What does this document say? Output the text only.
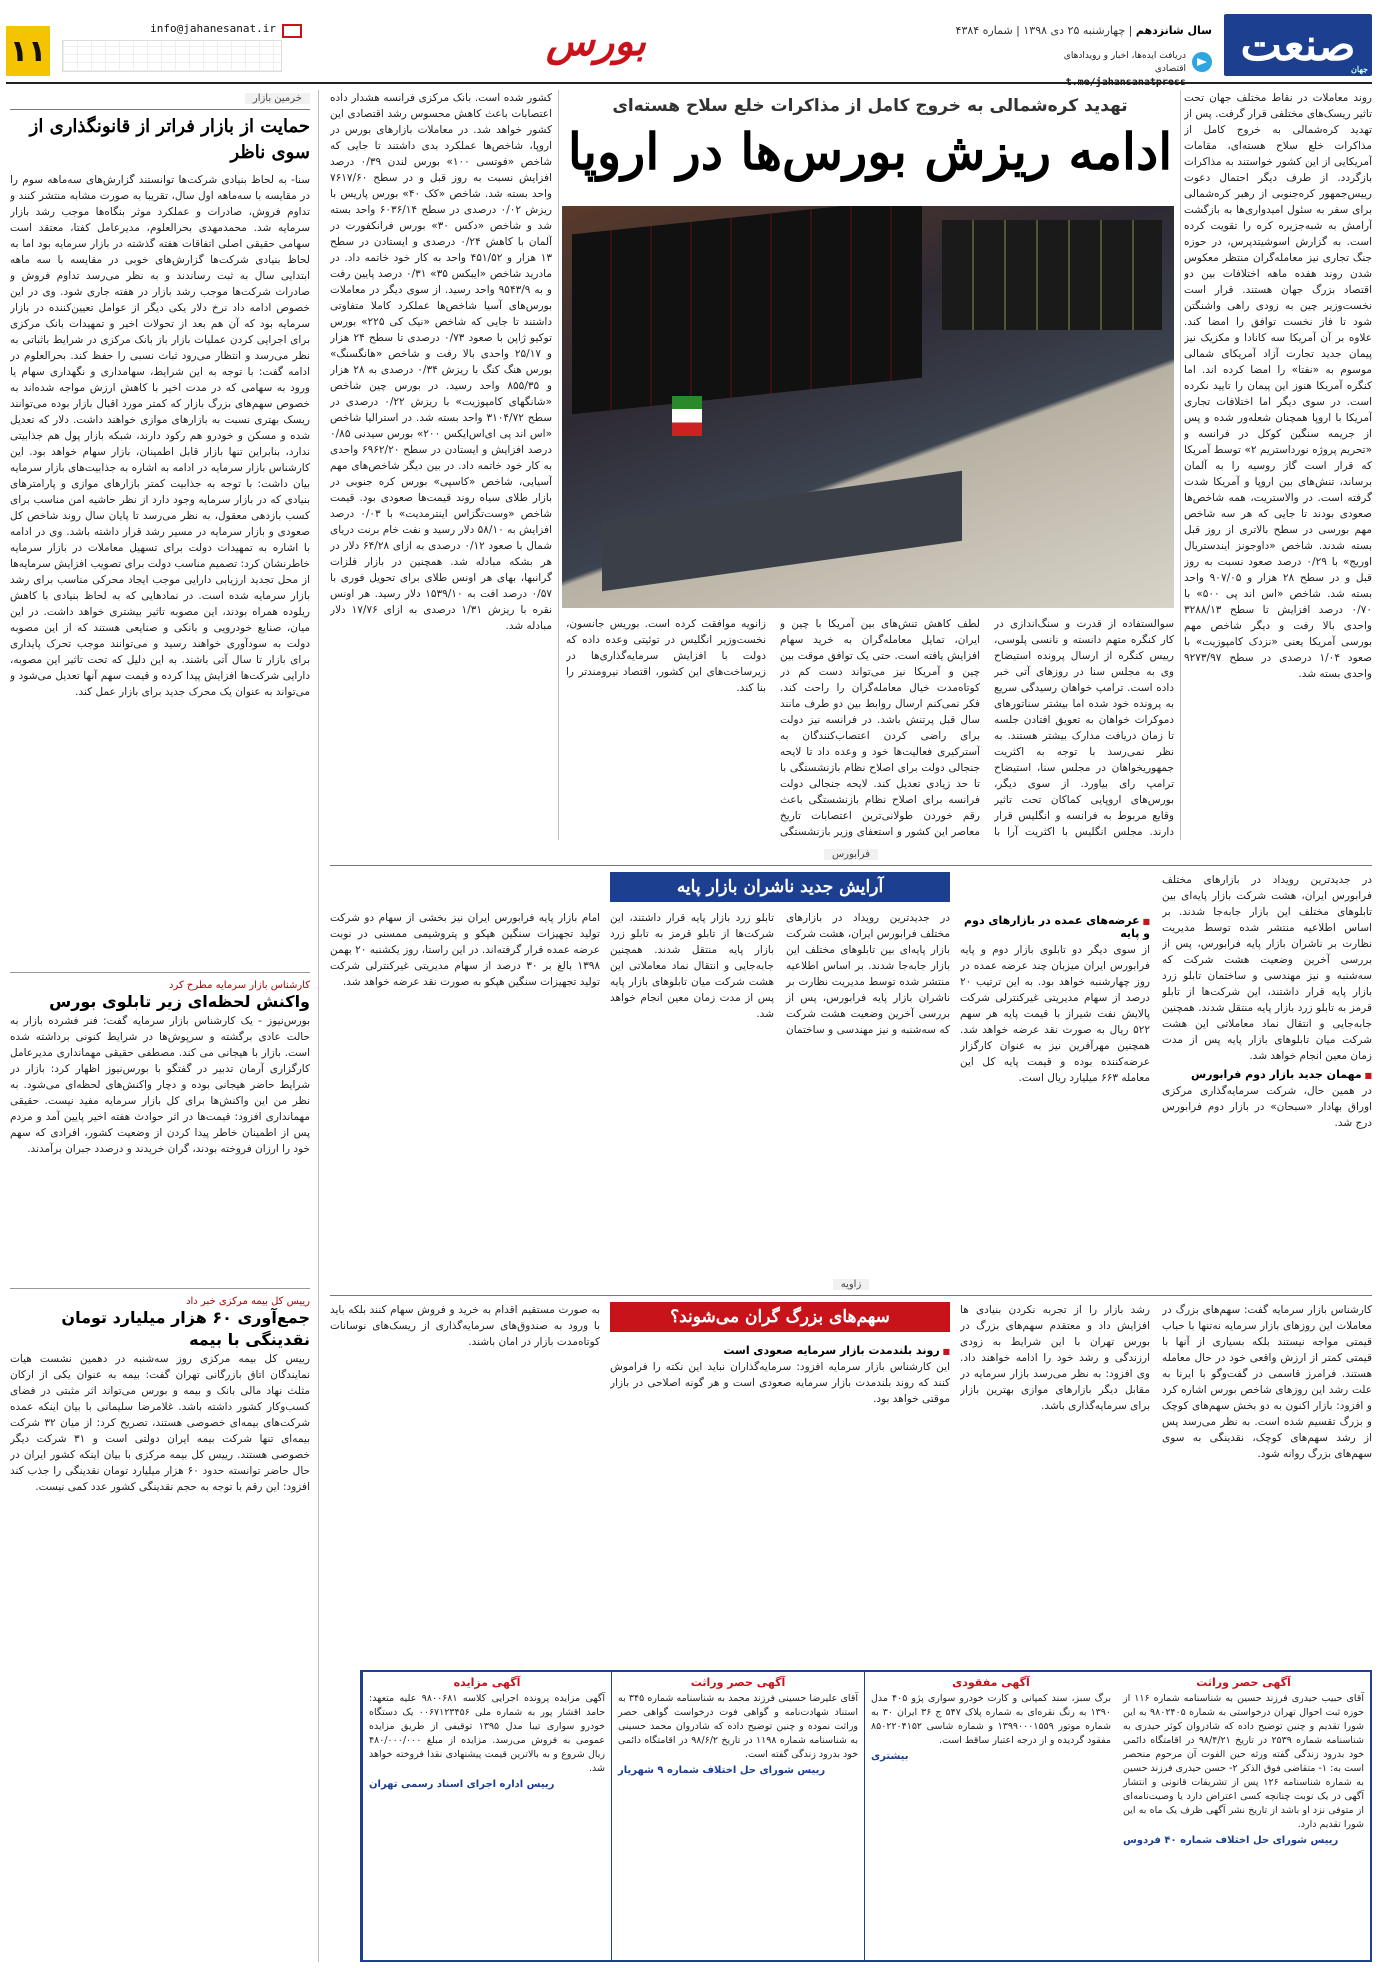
صنعت
جهان
سال شانزدهم | چهارشنبه ۲۵ دی ۱۳۹۸ | شماره ۴۳۸۴
دریافت ایده‌ها، اخبار و رویدادهای اقتصادی
t.me/jahansanatpress
بورس
info@jahanesanat.ir
۱۱
خرمین بازار
حمایت از بازار فراتر از قانونگذاری از سوی ناظر
سنا- به لحاظ بنیادی شرکت‌ها توانستند گزارش‌های سه‌ماهه سوم را در مقایسه با سه‌ماهه اول سال، تقریبا به صورت مشابه منتشر کنند و تداوم فروش، صادرات و عملکرد موثر بنگاه‌ها موجب رشد بازار سرمایه شد. محمدمهدی بحرالعلوم، مدیرعامل کفتا، معتقد است سهامی حقیقی اصلی اتفاقات هفته گذشته در بازار سرمایه بود اما به لحاظ بنیادی شرکت‌ها گزارش‌های خوبی در مقایسه با سه ماهه ابتدایی سال به ثبت رساندند و به نظر می‌رسد تداوم فروش و صادرات شرکت‌ها موجب رشد بازار در هفته جاری شود. وی در این خصوص ادامه داد نرخ دلار یکی دیگر از عوامل تعیین‌کننده در بازار سرمایه بود که آن هم بعد از تحولات اخیر و تمهیدات بانک مرکزی برای اجرایی کردن عملیات بازار باز بانک مرکزی در شرایط باثباتی به نظر می‌رسد و انتظار می‌رود ثبات نسبی را حفظ کند. بحرالعلوم در ادامه گفت: با توجه به این شرایط، سهامداری و نگهداری سهام یا ورود به سهامی که در مدت اخیر با کاهش ارزش مواجه شده‌اند به خصوص سهم‌های بزرگ بازار که کمتر مورد اقبال بازار بوده می‌توانند ریسک بهتری نسبت به بازارهای موازی خواهند داشت. دلار که تعدیل شده و مسکن و خودرو هم رکود دارند، شبکه بازار پول هم جذابیتی ندارد، بنابراین تنها بازار قابل اطمینان، بازار سهام خواهد بود. این کارشناس بازار سرمایه در ادامه به اشاره به جذابیت‌های بازار سرمایه بیان داشت: با توجه به جذابیت کمتر بازارهای موازی و پارامترهای بنیادی که در بازار سرمایه وجود دارد از نظر حاشیه امن مناسب برای کسب بازدهی معقول، به نظر می‌رسد تا پایان سال روند شاخص کل صعودی و بازار سرمایه در مسیر رشد قرار داشته باشد. وی در ادامه با اشاره به تمهیدات دولت برای تسهیل معاملات در بازار سرمایه خاطرنشان کرد: تصمیم مناسب دولت برای تصویب افزایش سرمایه‌ها از محل تجدید ارزیابی دارایی موجب ایجاد محرکی مناسب برای رشد بازار سرمایه شده است. در نمادهایی که به لحاظ بنیادی با کاهش ریلوده همراه بودند، این مصوبه تاثیر بیشتری خواهد داشت. در این میان، صنایع خودرویی و بانکی و صنایعی هستند که از این مصوبه دولت به سودآوری خواهند رسید و می‌توانند موجب تحرک پایداری برای بازار تا سال آتی باشند. به این دلیل که تحت تاثیر این مصوبه، دارایی شرکت‌ها افزایش پیدا کرده و قیمت سهم آنها تعدیل می‌شود و می‌تواند به عنوان یک محرک جدید برای بازار عمل کند.
کارشناس بازار سرمایه مطرح کرد
واکنش لحظه‌ای زیر تابلوی بورس
بورس‌نیوز - یک کارشناس بازار سرمایه گفت: فنر فشرده بازار به حالت عادی برگشته و سرپوش‌ها در شرایط کنونی برداشته شده است. بازار با هیجانی می کند. مصطفی حقیقی مهمانداری مدیرعامل کارگزاری آرمان تدبیر در گفتگو با بورس‌نیوز اظهار کرد: بازار در شرایط حاضر هیجانی بوده و دچار واکنش‌های لحظه‌ای می‌شود. به نظر من این واکنش‌ها برای کل بازار سرمایه مفید نیست. حقیقی مهمانداری افزود: قیمت‌ها در اثر حوادث هفته اخیر پایین آمد و مردم پس از اطمینان خاطر پیدا کردن از وضعیت کشور، افرادی که سهم خود را ارزان فروخته بودند، گران خریدند و درصدد جبران برآمدند.
رییس کل بیمه مرکزی خبر داد
جمع‌آوری ۶۰ هزار میلیارد تومان نقدینگی با بیمه
رییس کل بیمه مرکزی روز سه‌شنبه در دهمین نشست هیات نمایندگان اتاق بازرگانی تهران گفت: بیمه به عنوان یکی از ارکان مثلث نهاد مالی بانک و بیمه و بورس می‌تواند اثر مثبتی در فضای کسب‌وکار کشور داشته باشد. غلامرضا سلیمانی با بیان اینکه عمده شرکت‌های بیمه‌ای خصوصی هستند، تصریح کرد: از میان ۳۲ شرکت بیمه‌ای تنها شرکت بیمه ایران دولتی است و ۳۱ شرکت دیگر خصوصی هستند. رییس کل بیمه مرکزی با بیان اینکه کشور ایران در حال حاضر توانسته حدود ۶۰ هزار میلیارد تومان نقدینگی را جذب کند افزود: این رقم با توجه به حجم نقدینگی کشور عدد کمی نیست.
تهدید کره‌شمالی به خروج کامل از مذاکرات خلع سلاح هسته‌ای
ادامه ریزش بورس‌ها در اروپا
روند معاملات در نقاط مختلف جهان تحت تاثیر ریسک‌های مختلفی قرار گرفت. پس از تهدید کره‌شمالی به خروج کامل از مذاکرات خلع سلاح هسته‌ای، مقامات آمریکایی از این کشور خواستند به مذاکرات بازگردد. از طرف دیگر احتمال دعوت رییس‌جمهور کره‌جنوبی از رهبر کره‌شمالی برای سفر به سئول امیدواری‌ها به بازگشت آرامش به شبه‌جزیره کره را تقویت کرده است. به گزارش اسوشیتدپرس، در حوزه جنگ تجاری نیز معامله‌گران منتظر معکوس شدن روند هفده ماهه اختلافات بین دو اقتصاد بزرگ جهان هستند. قرار است نخست‌وزیر چین به زودی راهی واشنگتن شود تا فاز نخست توافق را امضا کند. علاوه بر آن آمریکا سه کانادا و مکزیک نیز پیمان جدید تجارت آزاد آمریکای شمالی موسوم به «نفتا» را امضا کرده اند. اما کنگره آمریکا هنوز این پیمان را تایید نکرده است. در سوی دیگر اما اختلافات تجاری آمریکا با اروپا همچنان شعله‌ور شده و پس از جریمه سنگین کوکل در فرانسه و «تحریم پروژه نورداستریم ۲» توسط آمریکا که قرار است گاز روسیه را به آلمان برساند، تنش‌های بین اروپا و آمریکا شدت گرفته است. در والاستریت، همه شاخص‌ها صعودی بودند تا جایی که هر سه شاخص مهم بورسی در سطح بالاتری از روز قبل بسته شدند. شاخص «داوجونز ایندستریال اوریج» با ۰/۲۹ درصد صعود نسبت به روز قبل و در سطح ۲۸ هزار و ۹۰۷/۰۵ واحد بسته شد. شاخص «اس اند پی ۵۰۰» با ۰/۷۰ درصد افزایش تا سطح ۳۲۸۸/۱۳ واحدی بالا رفت و دیگر شاخص مهم بورسی آمریکا یعنی «نزدک کامپوزیت» با صعود ۱/۰۴ درصدی در سطح ۹۲۷۳/۹۷ واحدی بسته شد.
کشور شده است. بانک مرکزی فرانسه هشدار داده اعتصابات باعث کاهش محسوس رشد اقتصادی این کشور خواهد شد. در معاملات بازارهای بورس در اروپا، شاخص‌ها عملکرد بدی داشتند تا جایی که شاخص «فوتسی ۱۰۰» بورس لندن ۰/۳۹ درصد افزایش نسبت به روز قبل و در سطح ۷۶۱۷/۶۰ واحد بسته شد. شاخص «کک ۴۰» بورس پاریس با ریزش ۰/۰۲ درصدی در سطح ۶۰۳۶/۱۴ واحد بسته شد و شاخص «دکس ۳۰» بورس فرانکفورت در آلمان با کاهش ۰/۲۴ درصدی و ایستادن در سطح ۱۳ هزار و ۴۵۱/۵۲ واحد به کار خود خاتمه داد. در مادرید شاخص «ایبکس ۳۵» ۰/۳۱ درصد پایین رفت و به ۹۵۴۳/۹ واحد رسید. از سوی دیگر در معاملات بورس‌های آسیا شاخص‌ها عملکرد کاملا متفاوتی داشتند تا جایی که شاخص «نیک کی ۲۲۵» بورس توکیو ژاپن با صعود ۰/۷۳ درصدی تا سطح ۲۴ هزار و ۲۵/۱۷ واحدی بالا رفت و شاخص «هانگسنگ» بورس هنگ کنگ با ریزش ۰/۳۴ درصدی به ۲۸ هزار و ۸۵۵/۳۵ واحد رسید. در بورس چین شاخص «شانگهای کامپوزیت» با ریزش ۰/۲۲ درصدی در سطح ۳۱۰۴/۷۲ واحد بسته شد. در استرالیا شاخص «اس اند پی ای‌اس‌ایکس ۲۰۰» بورس سیدنی ۰/۸۵ درصد افزایش و ایستادن در سطح ۶۹۶۲/۲۰ واحدی به کار خود خاتمه داد. در بین دیگر شاخص‌های مهم آسیایی، شاخص «کاسپی» بورس کره جنوبی در بازار طلای سیاه روند قیمت‌ها صعودی بود. قیمت شاخص «وست‌تگزاس اینترمدیت» با ۰/۰۳ درصد افزایش به ۵۸/۱۰ دلار رسید و نفت خام برنت دریای شمال با صعود ۰/۱۲ درصدی به ازای ۶۴/۲۸ دلار در هر بشکه مبادله شد. همچنین در بازار فلزات گرانبها، بهای هر اونس طلای برای تحویل فوری با ۰/۵۷ درصد افت به ۱۵۳۹/۱۰ دلار رسید. هر اونس نقره با ریزش ۱/۳۱ درصدی به ازای ۱۷/۷۶ دلار مبادله شد.	سوالستفاده از قدرت و سنگ‌اندازی در کار کنگره متهم دانسته و نانسی پلوسی، رییس کنگره از ارسال پرونده استیضاح وی به مجلس سنا در روزهای آتی خبر داده است. ترامپ خواهان رسیدگی سریع به پرونده خود شده اما بیشتر سناتورهای دموکرات خواهان به تعویق افتادن جلسه تا زمان دریافت مدارک بیشتر هستند. به نظر نمی‌رسد با توجه به اکثریت جمهوریخواهان در مجلس سنا، استیضاح ترامپ رای بیاورد. از سوی دیگر، بورس‌های اروپایی کماکان تحت تاثیر وقایع مربوط به فرانسه و انگلیس قرار دارند. مجلس انگلیس با اکثریت آرا با
لطف کاهش تنش‌های بین آمریکا با چین و ایران، تمایل معامله‌گران به خرید سهام افزایش یافته است. حتی یک توافق موقت بین چین و آمریکا نیز می‌تواند دست کم در کوتاه‌مدت خیال معامله‌گران را راحت کند. فکر نمی‌کنم ارسال روابط بین دو طرف مانند سال قبل پرتنش باشد. در فرانسه نیز دولت برای راضی کردن اعتصاب‌کنندگان به آسترکیری فعالیت‌ها خود و وعده داد تا لایحه جنجالی دولت برای اصلاح نظام بازنشستگی با تا حد زیادی تعدیل کند. لایحه جنجالی دولت فرانسه برای اصلاح نظام بازنشستگی باعث رقم خوردن طولانی‌ترین اعتصابات تاریخ معاصر این کشور و استعفای وزیر بازنشستگی
زانویه موافقت کرده است. بوریس جانسون، نخست‌وزیر انگلیس در توئیتی وعده داده که دولت با افزایش سرمایه‌گذاری‌ها در زیرساخت‌های این کشور، اقتصاد نیرومندتر را بنا کند.
فرابورس
آرایش جدید ناشران بازار پایه	در جدیدترین رویداد در بازارهای مختلف فرابورس ایران، هشت شرکت بازار پایه‌ای بین تابلوهای مختلف این بازار جابه‌جا شدند. بر اساس اطلاعیه منتشر شده توسط مدیریت نظارت بر ناشران بازار پایه فرابورس، پس از بررسی آخرین وضعیت هشت شرکت که سه‌شنبه و نیز مهندسی و ساختمان تابلو زرد بازار پایه قرار داشتند، این شرکت‌ها از تابلو قرمز به تابلو زرد بازار پایه منتقل شدند. همچنین جابه‌جایی و انتقال نماد معاملاتی این هشت شرکت میان تابلوهای بازار پایه پس از مدت زمان معین انجام خواهد شد.
■ مهمان جدید بازار دوم فرابورس
در همین حال، شرکت سرمایه‌گذاری مرکزی اوراق بهادار «سبحان» در بازار دوم فرابورس درج شد.
■ عرضه‌های عمده در بازارهای دوم و پایه
از سوی دیگر دو تابلوی بازار دوم و پایه فرابورس ایران میزبان چند عرضه عمده در روز چهارشنبه خواهد بود. به این ترتیب ۲۰ درصد از سهام مدیریتی غیرکنترلی شرکت پالایش نفت شیراز با قیمت پایه هر سهم ۵۲۲ ریال به صورت نقد عرضه خواهد شد. همچنین مهرآفرین نیز به عنوان کارگزار عرضه‌کننده بوده و قیمت پایه کل این معامله ۶۶۳ میلیارد ریال است.
امام بازار پایه فرابورس ایران نیز بخشی از سهام دو شرکت تولید تجهیزات سنگین هپکو و پتروشیمی ممسنی در نوبت عرضه عمده قرار گرفته‌اند. در این راستا، روز یکشنبه ۲۰ بهمن ۱۳۹۸ بالغ بر ۳۰ درصد از سهام مدیریتی غیرکنترلی شرکت تولید تجهیزات سنگین هپکو به صورت نقد عرضه خواهد شد.
در جدیدترین رویداد در بازارهای مختلف فرابورس ایران، هشت شرکت بازار پایه‌ای بین تابلوهای مختلف این بازار جابه‌جا شدند. بر اساس اطلاعیه منتشر شده توسط مدیریت نظارت بر ناشران بازار پایه فرابورس، پس از بررسی آخرین وضعیت هشت شرکت که سه‌شنبه و نیز مهندسی و ساختمان تابلو زرد بازار پایه قرار داشتند، این شرکت‌ها از تابلو قرمز به تابلو زرد بازار پایه منتقل شدند. همچنین جابه‌جایی و انتقال نماد معاملاتی این هشت شرکت میان تابلوهای بازار پایه پس از مدت زمان معین انجام خواهد شد.
زاویه
سهم‌های بزرگ گران می‌شوند؟	کارشناس بازار سرمایه گفت: سهم‌های بزرگ در معاملات این روزهای بازار سرمایه نه‌تنها با حباب قیمتی مواجه نیستند بلکه بسیاری از آنها با قیمتی کمتر از ارزش واقعی خود در حال معامله هستند. فرامرز قاسمی در گفت‌وگو با ایرنا به علت رشد این روزهای شاخص بورس اشاره کرد و افزود: بازار اکنون به دو بخش سهم‌های کوچک و بزرگ تقسیم شده است. به نظر می‌رسد پس از رشد سهم‌های کوچک، نقدینگی به سوی سهم‌های بزرگ روانه شود.
رشد بازار را از تجربه نکردن بنیادی ها افزایش داد و معتقدم سهم‌های بزرگ در بورس تهران با این شرایط به زودی ارزندگی و رشد خود را ادامه خواهند داد. وی افزود: به نظر می‌رسد بازار سرمایه در مقابل دیگر بازارهای موازی بهترین بازار برای سرمایه‌گذاری باشد.
■ روند بلندمدت بازار سرمایه صعودی است
این کارشناس بازار سرمایه افزود: سرمایه‌گذاران نباید این نکته را فراموش کنند که روند بلندمدت بازار سرمایه صعودی است و هر گونه اصلاحی در بازار موقتی خواهد بود.
به صورت مستقیم اقدام به خرید و فروش سهام کنند بلکه باید با ورود به صندوق‌های سرمایه‌گذاری از ریسک‌های نوسانات کوتاه‌مدت بازار در امان باشند.
آگهی حصر وراثت
آقای حبیب حیدری فرزند حسین به شناسنامه شماره ۱۱۶ از حوزه ثبت احوال تهران درخواستی به شماره ۹۸۰۲۴۰۵ به این شورا تقدیم و چنین توضیح داده که شادروان کوثر حیدری به شناسنامه شماره ۲۵۳۹ در تاریخ ۹۸/۴/۲۱ در اقامتگاه دائمی خود بدرود زندگی گفته ورثه حین الفوت آن مرحوم منحصر است به: ۱- متقاضی فوق الذکر ۲- حسن حیدری فرزند حسین به شماره شناسنامه ۱۲۶ پس از تشریفات قانونی و انتشار آگهی در یک نوبت چنانچه کسی اعتراض دارد یا وصیت‌نامه‌ای از متوفی نزد او باشد از تاریخ نشر آگهی ظرف یک ماه به این شورا تقدیم دارد.
رییس شورای حل اختلاف شماره ۴۰ فردوس
آگهی مفقودی
برگ سبز، سند کمپانی و کارت خودرو سواری پژو ۴۰۵ مدل ۱۳۹۰ به رنگ نقره‌ای به شماره پلاک ۵۴۷ ج ۳۶ ایران ۳۰ به شماره موتور ۱۳۹۹۰۰۰۱۵۵۹ و شماره شاسی ۸۵۰۲۲۰۴۱۵۲ مفقود گردیده و از درجه اعتبار ساقط است.
بیشتری
آگهی حصر وراثت
آقای علیرضا حسینی فرزند محمد به شناسنامه شماره ۳۴۵ به استناد شهادت‌نامه و گواهی فوت درخواست گواهی حصر وراثت نموده و چنین توضیح داده که شادروان محمد حسینی به شناسنامه شماره ۱۱۹۸ در تاریخ ۹۸/۶/۲ در اقامتگاه دائمی خود بدرود زندگی گفته است.
رییس شورای حل اختلاف شماره ۹ شهریار
آگهی مزایده
آگهی مزایده پرونده اجرایی کلاسه ۹۸۰۰۶۸۱ علیه متعهد: حامد اقشار پور به شماره ملی ۰۰۶۷۱۲۳۴۵۶ یک دستگاه خودرو سواری تیبا مدل ۱۳۹۵ توقیفی از طریق مزایده عمومی به فروش می‌رسد. مزایده از مبلغ ۴۸۰/۰۰۰/۰۰۰ ریال شروع و به بالاترین قیمت پیشنهادی نقدا فروخته خواهد شد.
رییس اداره اجرای اسناد رسمی تهران
